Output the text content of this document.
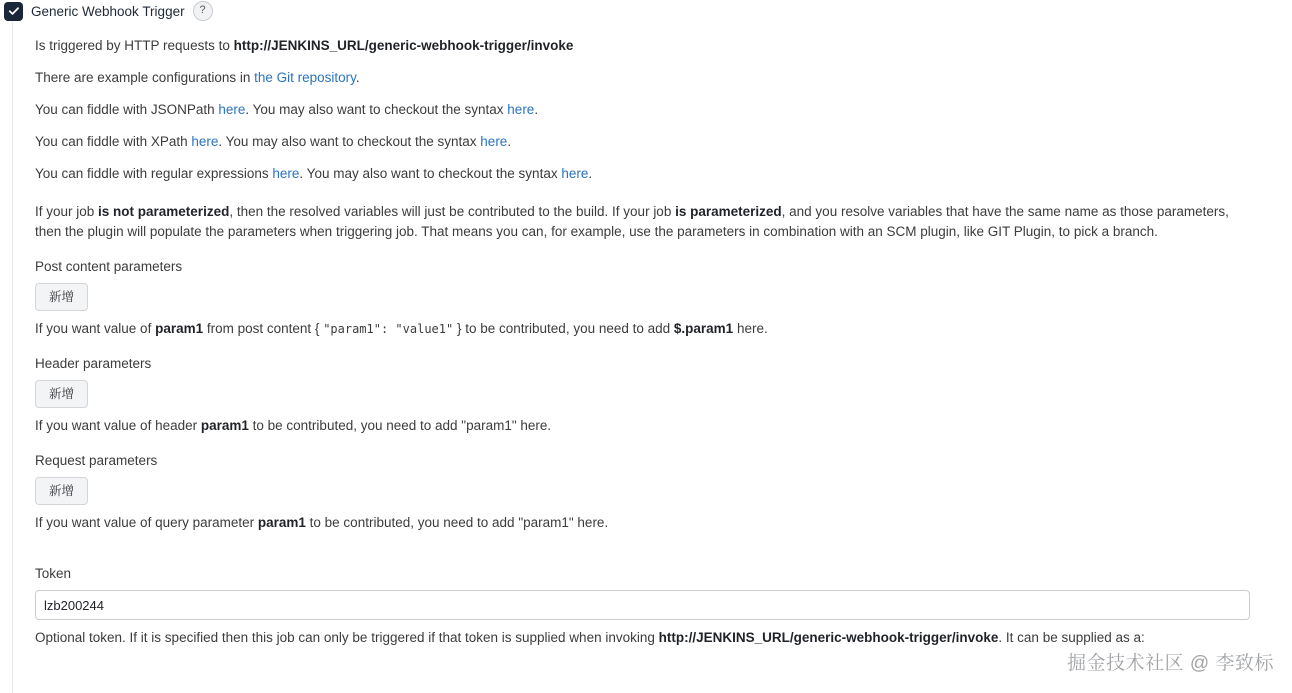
Generic Webhook Trigger	?

Is triggered by HTTP requests to http://JENKINS_URL/generic-webhook-trigger/invoke

There are example configurations in the Git repository.

You can fiddle with JSONPath here. You may also want to checkout the syntax here.

You can fiddle with XPath here. You may also want to checkout the syntax here.

You can fiddle with regular expressions here. You may also want to checkout the syntax here.

If your job is not parameterized, then the resolved variables will just be contributed to the build. If your job is parameterized, and you resolve variables that have the same name as those parameters, then the plugin will populate the parameters when triggering job. That means you can, for example, use the parameters in combination with an SCM plugin, like GIT Plugin, to pick a branch.

Post content parameters
新增
If you want value of param1 from post content { "param1": "value1" } to be contributed, you need to add $.param1 here.
Header parameters
新增
If you want value of header param1 to be contributed, you need to add "param1" here.
Request parameters
新增
If you want value of query parameter param1 to be contributed, you need to add "param1" here.
Token
lzb200244
Optional token. If it is specified then this job can only be triggered if that token is supplied when invoking http://JENKINS_URL/generic-webhook-trigger/invoke. It can be supplied as a:
掘金技术社区 @ 李致标
